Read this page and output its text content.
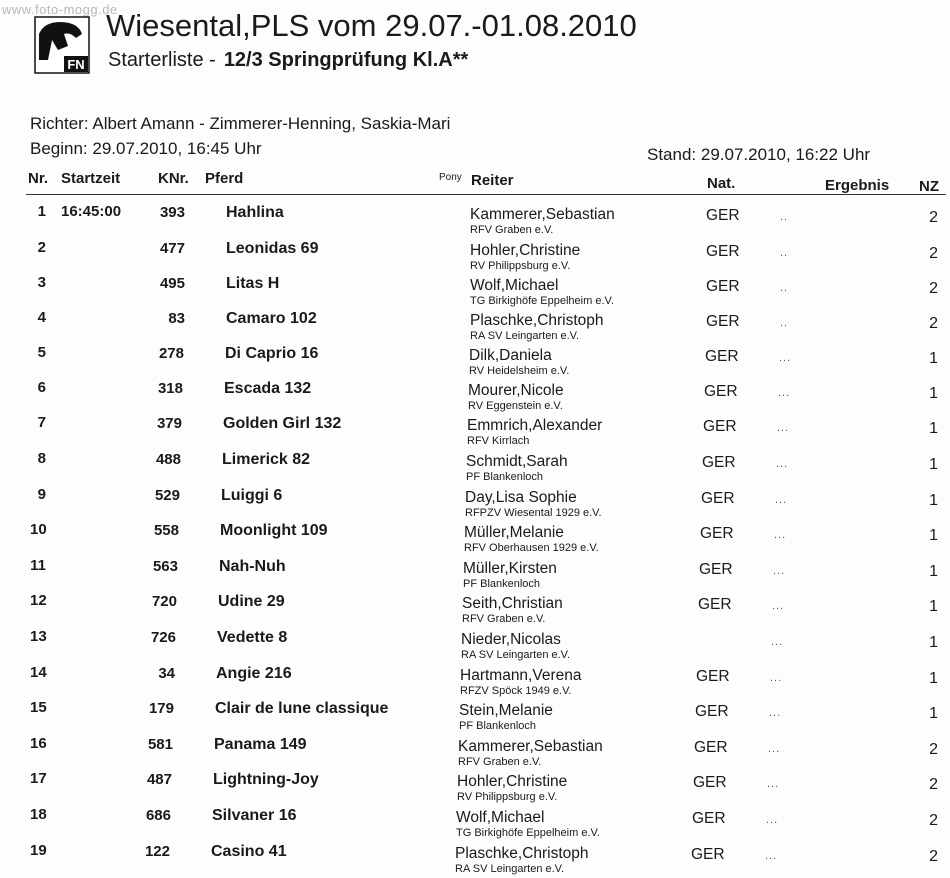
www.foto-mogg.de
FN
Wiesental,PLS vom 29.07.-01.08.2010
Starterliste - 12/3 Springprüfung Kl.A**
Richter: Albert Amann - Zimmerer-Henning, Saskia-Mari
Beginn: 29.07.2010, 16:45 Uhr	Stand: 29.07.2010, 16:22 Uhr
Nr. Startzeit	KNr. Pferd	Pony Reiter	Nat.	Ergebnis NZ
1 16:45:00	393	Hahlina	Kammerer,Sebastian
RFV Graben e.V.
GER	..	2
2	477	Leonidas 69	Hohler,Christine
RV Philippsburg e.V.
GER	..	2
3	495	Litas H	Wolf,Michael
TG Birkighöfe Eppelheim e.V.
GER	..	2
4	83	Camaro 102	Plaschke,Christoph
RA SV Leingarten e.V.
GER	..	2
5	278	Di Caprio 16	Dilk,Daniela
RV Heidelsheim e.V.
GER	...	1
6	318	Escada 132	Mourer,Nicole
RV Eggenstein e.V.
GER	...	1
7	379	Golden Girl 132	Emmrich,Alexander
RFV Kirrlach
GER	...	1
8	488	Limerick 82	Schmidt,Sarah
PF Blankenloch
GER	...	1
9	529	Luiggi 6	Day,Lisa Sophie
RFPZV Wiesental 1929 e.V.
GER	...	1
10	558	Moonlight 109	Müller,Melanie
RFV Oberhausen 1929 e.V.
GER	...	1
11	563	Nah-Nuh	Müller,Kirsten
PF Blankenloch
GER	...	1
12	720	Udine 29	Seith,Christian
RFV Graben e.V.
GER	...	1
13	726	Vedette 8	Nieder,Nicolas
RA SV Leingarten e.V.
...	1
14	34	Angie 216	Hartmann,Verena
RFZV Spöck 1949 e.V.
GER	...	1
15	179	Clair de lune classique	Stein,Melanie
PF Blankenloch
GER	...	1
16	581	Panama 149	Kammerer,Sebastian
RFV Graben e.V.
GER	...	2
17	487	Lightning-Joy	Hohler,Christine
RV Philippsburg e.V.
GER	...	2
18	686	Silvaner 16	Wolf,Michael
TG Birkighöfe Eppelheim e.V.
GER	...	2
19	122	Casino 41	Plaschke,Christoph
RA SV Leingarten e.V.
GER	...	2
